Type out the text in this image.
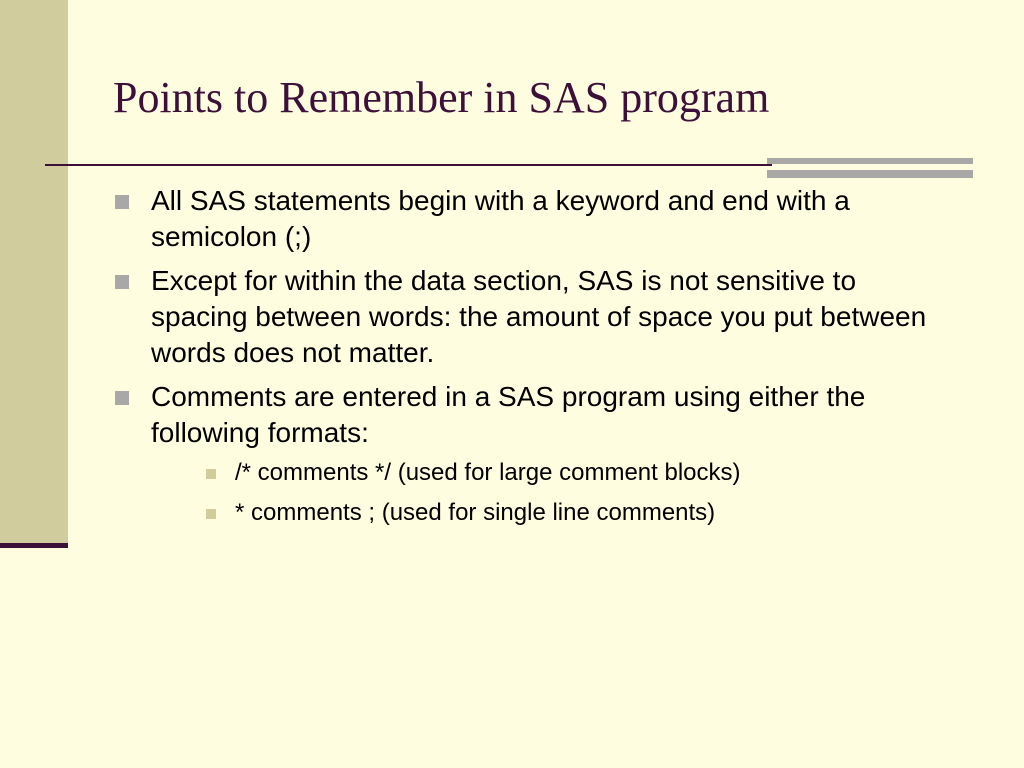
Points to Remember in SAS program
All SAS statements begin with a keyword and end with a semicolon (;)
Except for within the data section, SAS is not sensitive to spacing between words: the amount of space you put between words does not matter.
Comments are entered in a SAS program using either the following formats:
/* comments */ (used for large comment blocks)
* comments ; (used for single line comments)
